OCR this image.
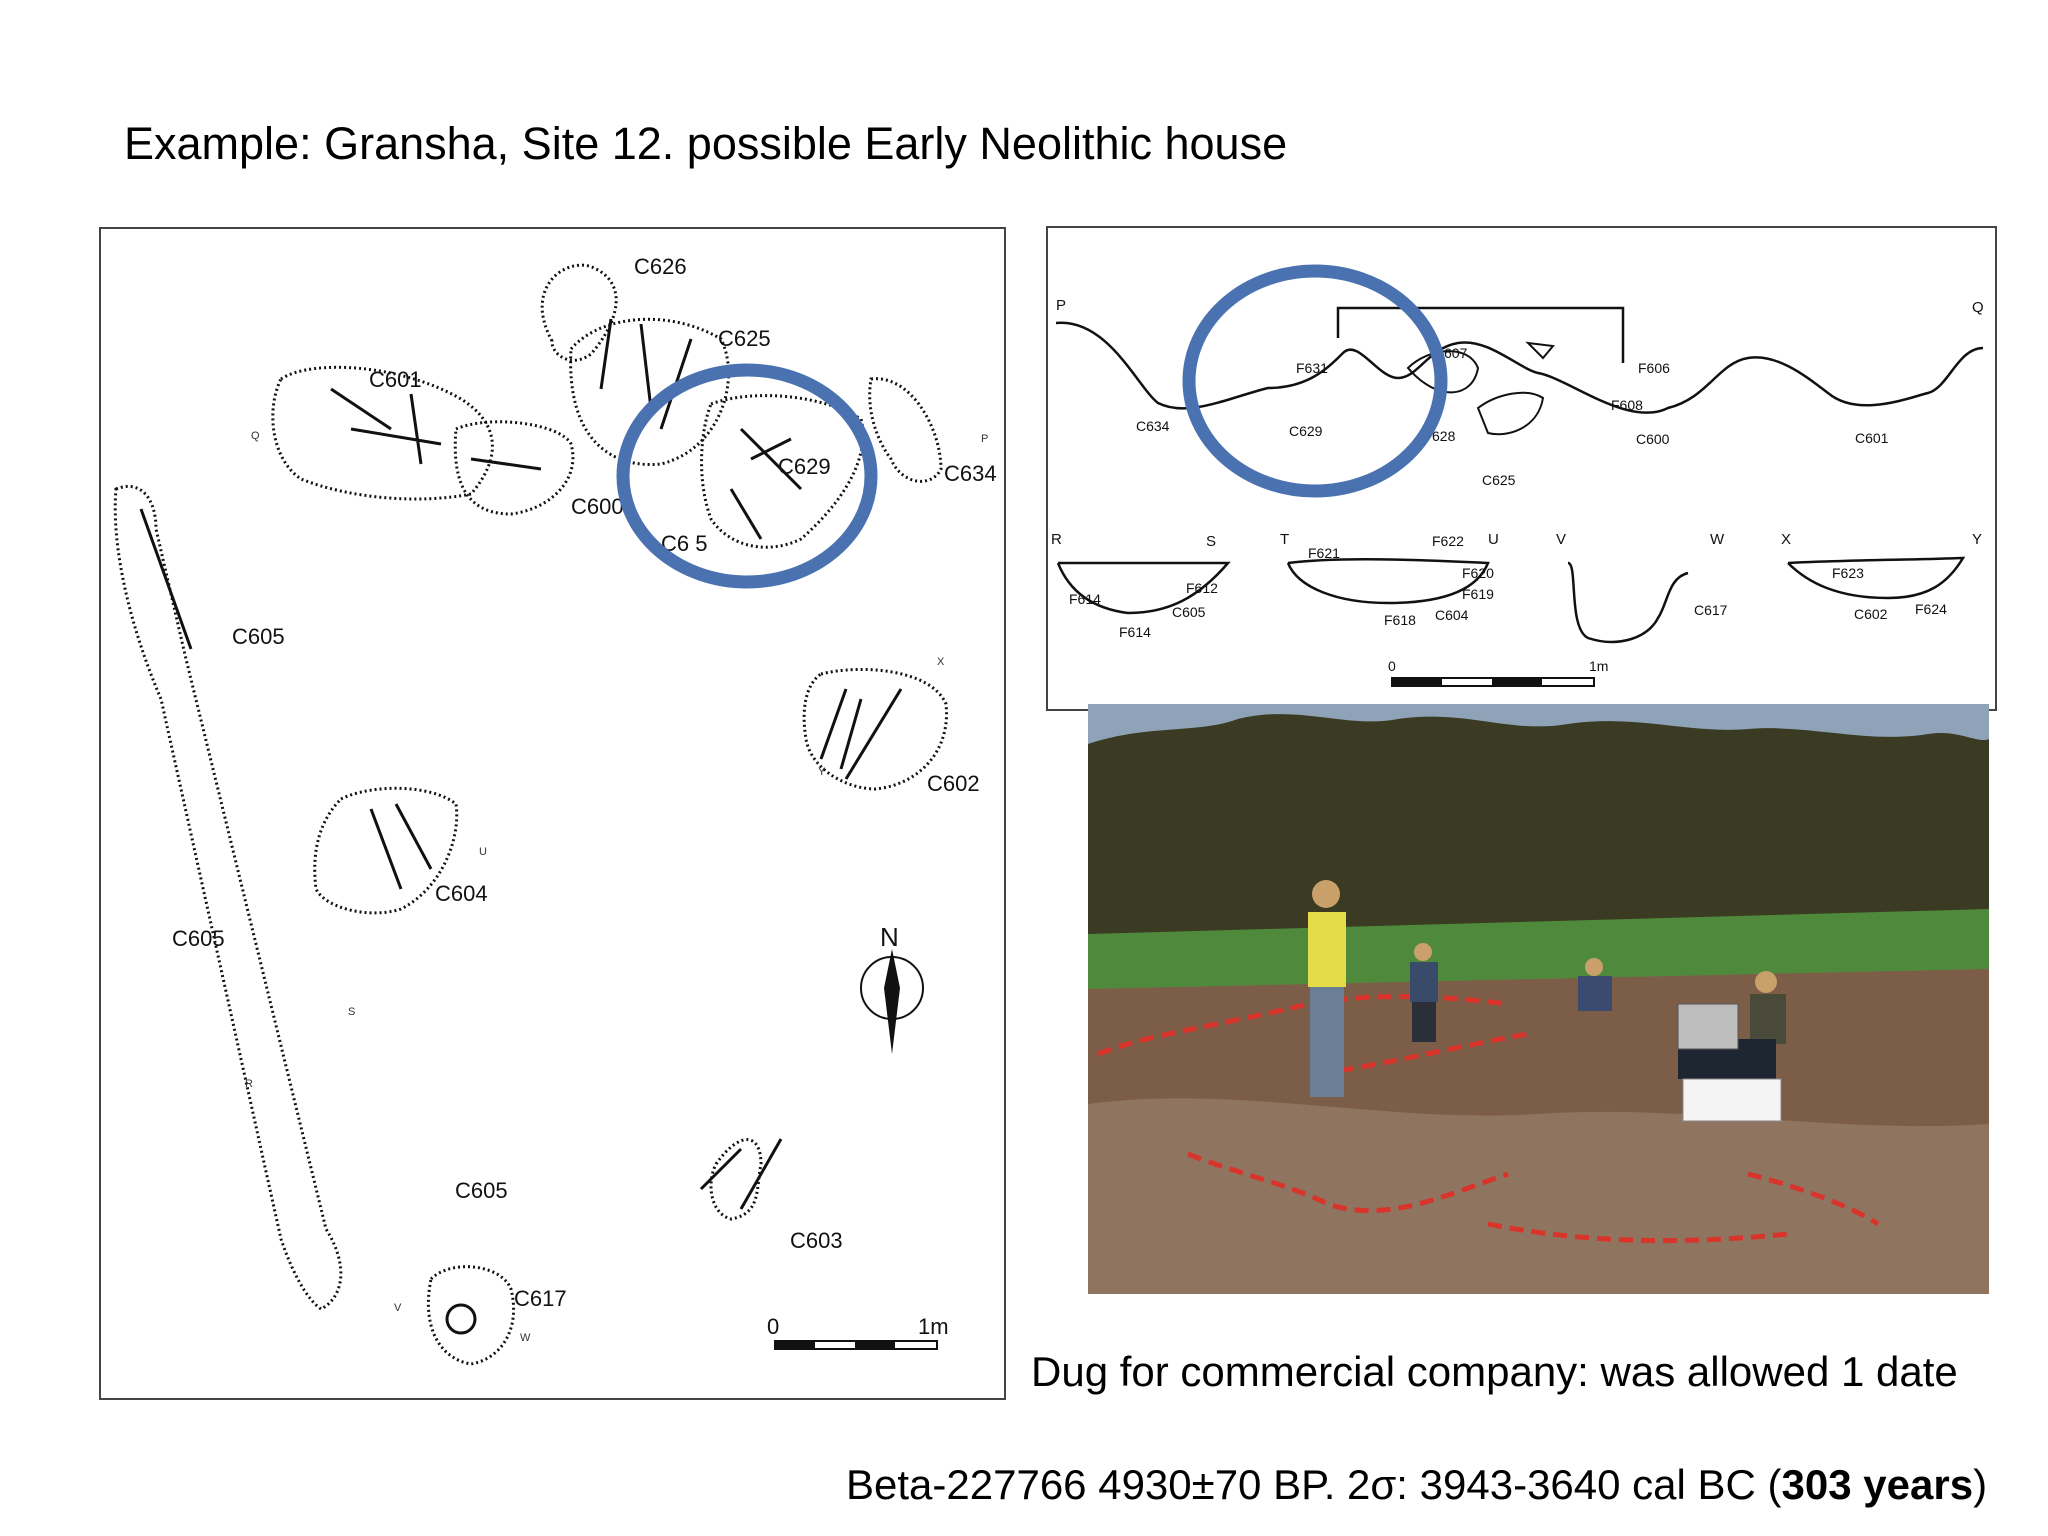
Example: Gransha, Site 12. possible Early Neolithic house
C626
C625
C601
C629	C634
C600
C6 5
C605
C602
C604
C605
C605
C603
C617
Q	P
X
Y
U
S
R
V
W
N
0	1m
F631
607
F606
F608
C634	C629	628
C625
C600	C601
F612
F614
C605
F614
F621
F622
F620
F619
F618 C604	C617
F623
C602 F624
P	Q
R	S	T	U	V	W	X	Y
0	1m
Dug for commercial company: was allowed 1 date
Beta-227766 4930±70 BP. 2σ: 3943-3640 cal BC (303 years)
